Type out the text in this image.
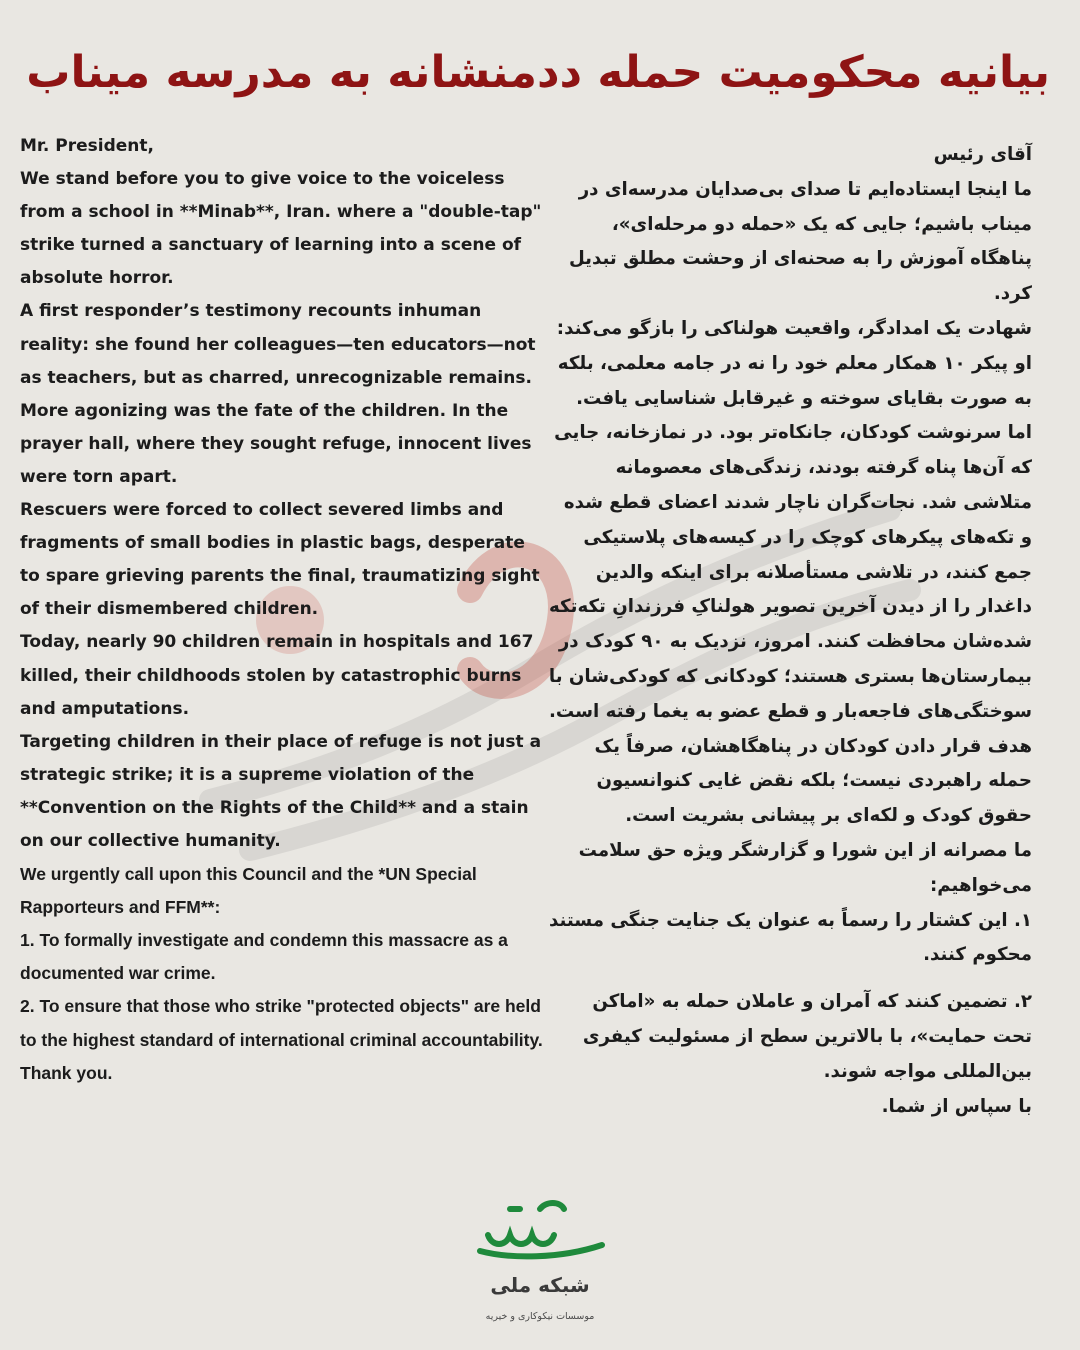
بیانیه محکومیت حمله ددمنشانه به مدرسه میناب

Mr. President,

We stand before you to give voice to the voiceless from a school in **Minab**, Iran. where a "double-tap" strike turned a sanctuary of learning into a scene of absolute horror.

A first responder’s testimony recounts inhuman reality: she found her colleagues—ten educators—not as teachers, but as charred, unrecognizable remains.

More agonizing was the fate of the children. In the prayer hall, where they sought refuge, innocent lives were torn apart.

Rescuers were forced to collect severed limbs and fragments of small bodies in plastic bags, desperate to spare grieving parents the final, traumatizing sight of their dismembered children.

Today, nearly 90 children remain in hospitals and 167 killed, their childhoods stolen by catastrophic burns and amputations.

Targeting children in their place of refuge is not just a strategic strike; it is a supreme violation of the **Convention on the Rights of the Child** and a stain on our collective humanity.

We urgently call upon this Council and the *UN Special Rapporteurs and FFM**:

1. To formally investigate and condemn this massacre as a documented war crime.

2. To ensure that those who strike "protected objects" are held to the highest standard of international criminal accountability.

Thank you.

آقای رئیس

ما اینجا ایستاده‌ایم تا صدای بی‌صدایان مدرسه‌ای در میناب باشیم؛ جایی که یک «حمله دو مرحله‌ای»، پناهگاه آموزش را به صحنه‌ای از وحشت مطلق تبدیل کرد.

شهادت یک امدادگر، واقعیت هولناکی را بازگو می‌کند: او پیکر ۱۰ همکار معلم خود را نه در جامه معلمی، بلکه به صورت بقایای سوخته و غیرقابل شناسایی یافت. اما سرنوشت کودکان، جانکاه‌تر بود. در نمازخانه، جایی که آن‌ها پناه گرفته بودند، زندگی‌های معصومانه متلاشی شد. نجات‌گران ناچار شدند اعضای قطع شده و تکه‌های پیکرهای کوچک را در کیسه‌های پلاستیکی جمع کنند، در تلاشی مستأصلانه برای اینکه والدین داغدار را از دیدن آخرین تصویر هولناکِ فرزندانِ تکه‌تکه شده‌شان محافظت کنند. امروز، نزدیک به ۹۰ کودک در بیمارستان‌ها بستری هستند؛ کودکانی که کودکی‌شان با سوختگی‌های فاجعه‌بار و قطع عضو به یغما رفته است.

هدف قرار دادن کودکان در پناهگاهشان، صرفاً یک حمله راهبردی نیست؛ بلکه نقض غایی کنوانسیون حقوق کودک و لکه‌ای بر پیشانی بشریت است.

ما مصرانه از این شورا و گزارشگر ویژه حق سلامت می‌خواهیم:

۱. این کشتار را رسماً به عنوان یک جنایت جنگی مستند محکوم کنند.

۲. تضمین کنند که آمران و عاملان حمله به «اماکن تحت حمایت»، با بالاترین سطح از مسئولیت کیفری بین‌المللی مواجه شوند.

با سپاس از شما.

شبکه ملی
موسسات نیکوکاری و خیریه
